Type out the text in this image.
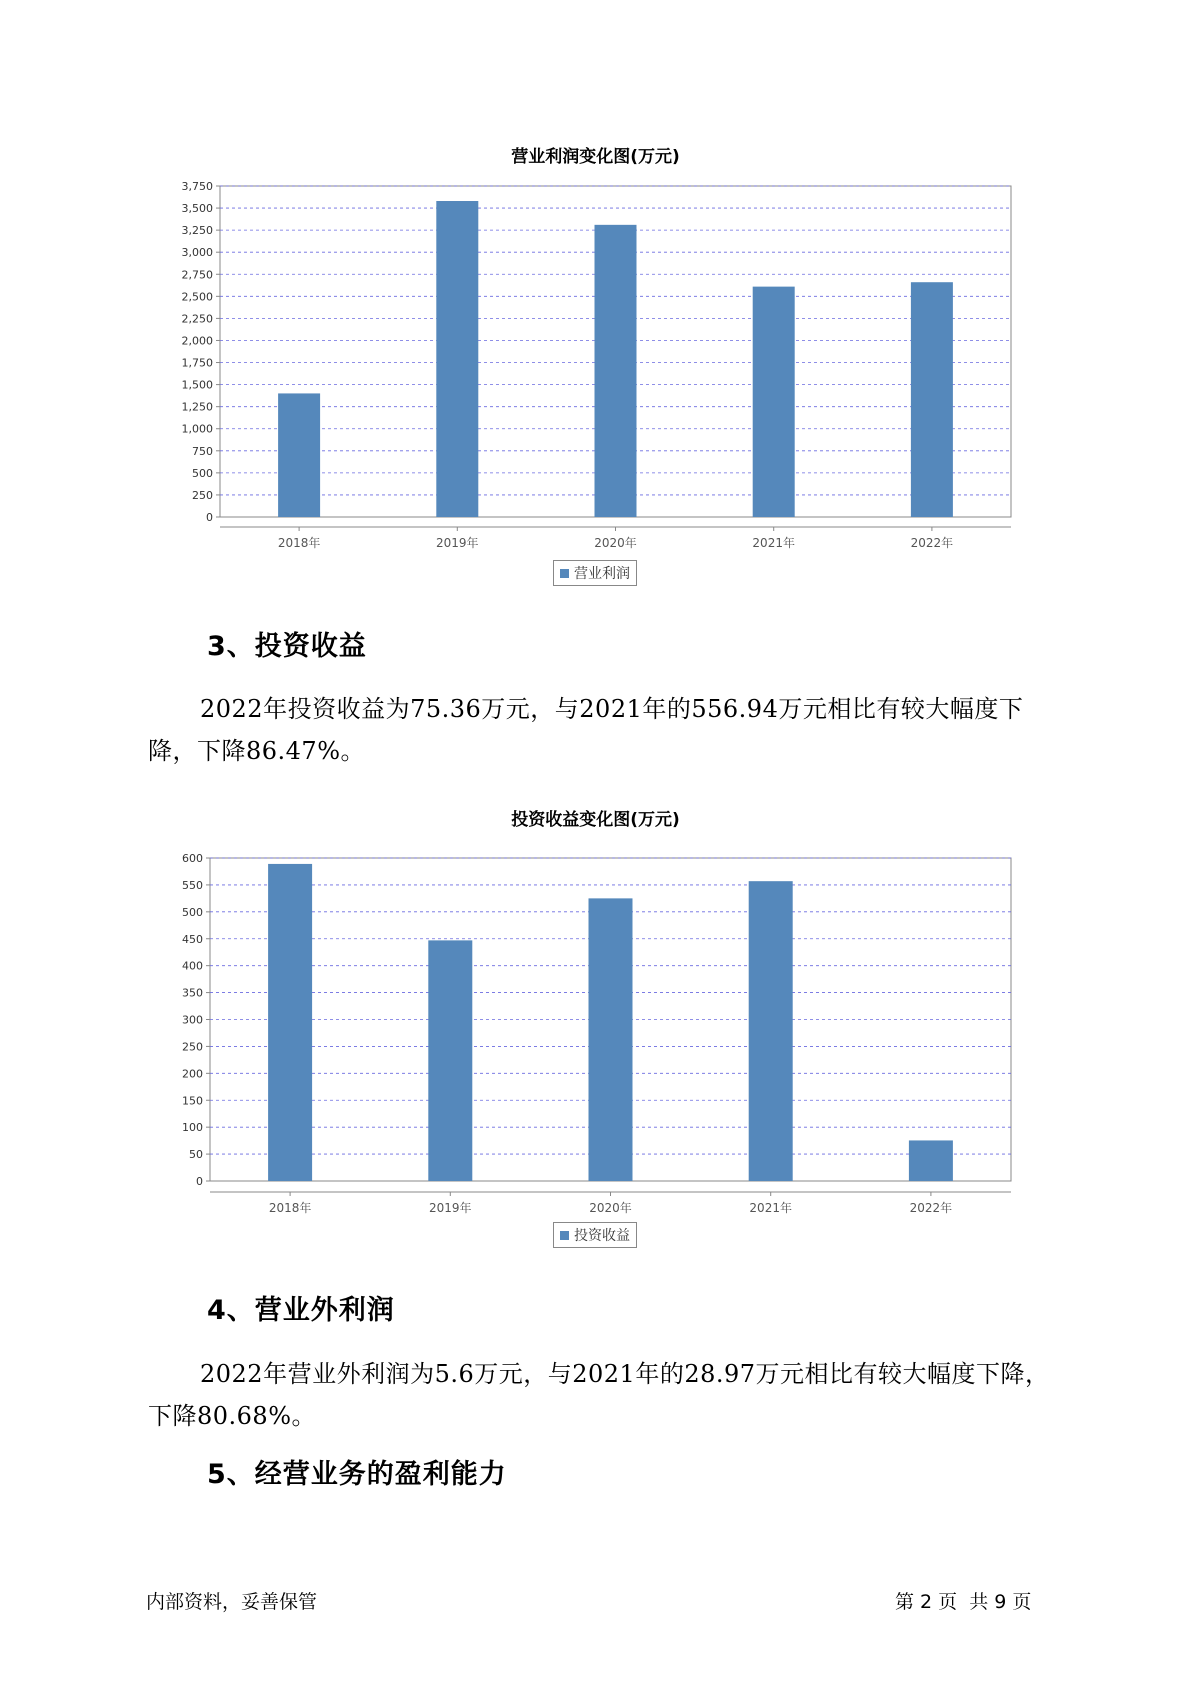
营业利润变化图(万元)
0
250
500
750
1,000
1,250
1,500
1,750
2,000
2,250
2,500
2,750
3,000
3,250
3,500
3,750
2018年	2019年	2020年	2021年	2022年
营业利润
3、投资收益
2022年投资收益为75.36万元，与2021年的556.94万元相比有较大幅度下降，下降86.47%。
投资收益变化图(万元)
0
50
100
150
200
250
300
350
400
450
500
550
600
2018年	2019年	2020年	2021年	2022年
投资收益
4、营业外利润
2022年营业外利润为5.6万元，与2021年的28.97万元相比有较大幅度下降，下降80.68%。
5、经营业务的盈利能力
内部资料，妥善保管	第 2 页  共 9 页
